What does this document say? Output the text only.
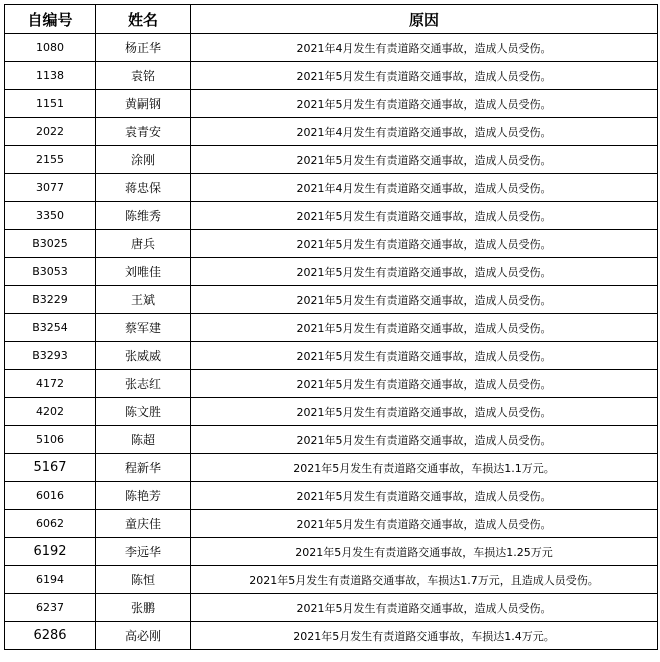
自编号	姓名	原因
1080	杨正华	2021年4月发生有责道路交通事故，造成人员受伤。
1138	袁铭	2021年5月发生有责道路交通事故，造成人员受伤。
1151	黄嗣钢	2021年5月发生有责道路交通事故，造成人员受伤。
2022	袁青安	2021年4月发生有责道路交通事故，造成人员受伤。
2155	涂刚	2021年5月发生有责道路交通事故，造成人员受伤。
3077	蒋忠保	2021年4月发生有责道路交通事故，造成人员受伤。
3350	陈维秀	2021年5月发生有责道路交通事故，造成人员受伤。
B3025	唐兵	2021年5月发生有责道路交通事故，造成人员受伤。
B3053	刘唯佳	2021年5月发生有责道路交通事故，造成人员受伤。
B3229	王斌	2021年5月发生有责道路交通事故，造成人员受伤。
B3254	蔡军建	2021年5月发生有责道路交通事故，造成人员受伤。
B3293	张威威	2021年5月发生有责道路交通事故，造成人员受伤。
4172	张志红	2021年5月发生有责道路交通事故，造成人员受伤。
4202	陈文胜	2021年5月发生有责道路交通事故，造成人员受伤。
5106	陈超	2021年5月发生有责道路交通事故，造成人员受伤。
5167	程新华	2021年5月发生有责道路交通事故，车损达1.1万元。
6016	陈艳芳	2021年5月发生有责道路交通事故，造成人员受伤。
6062	童庆佳	2021年5月发生有责道路交通事故，造成人员受伤。
6192	李远华	2021年5月发生有责道路交通事故，车损达1.25万元
6194	陈恒	2021年5月发生有责道路交通事故，车损达1.7万元，且造成人员受伤。
6237	张鹏	2021年5月发生有责道路交通事故，造成人员受伤。
6286	高必刚	2021年5月发生有责道路交通事故，车损达1.4万元。
